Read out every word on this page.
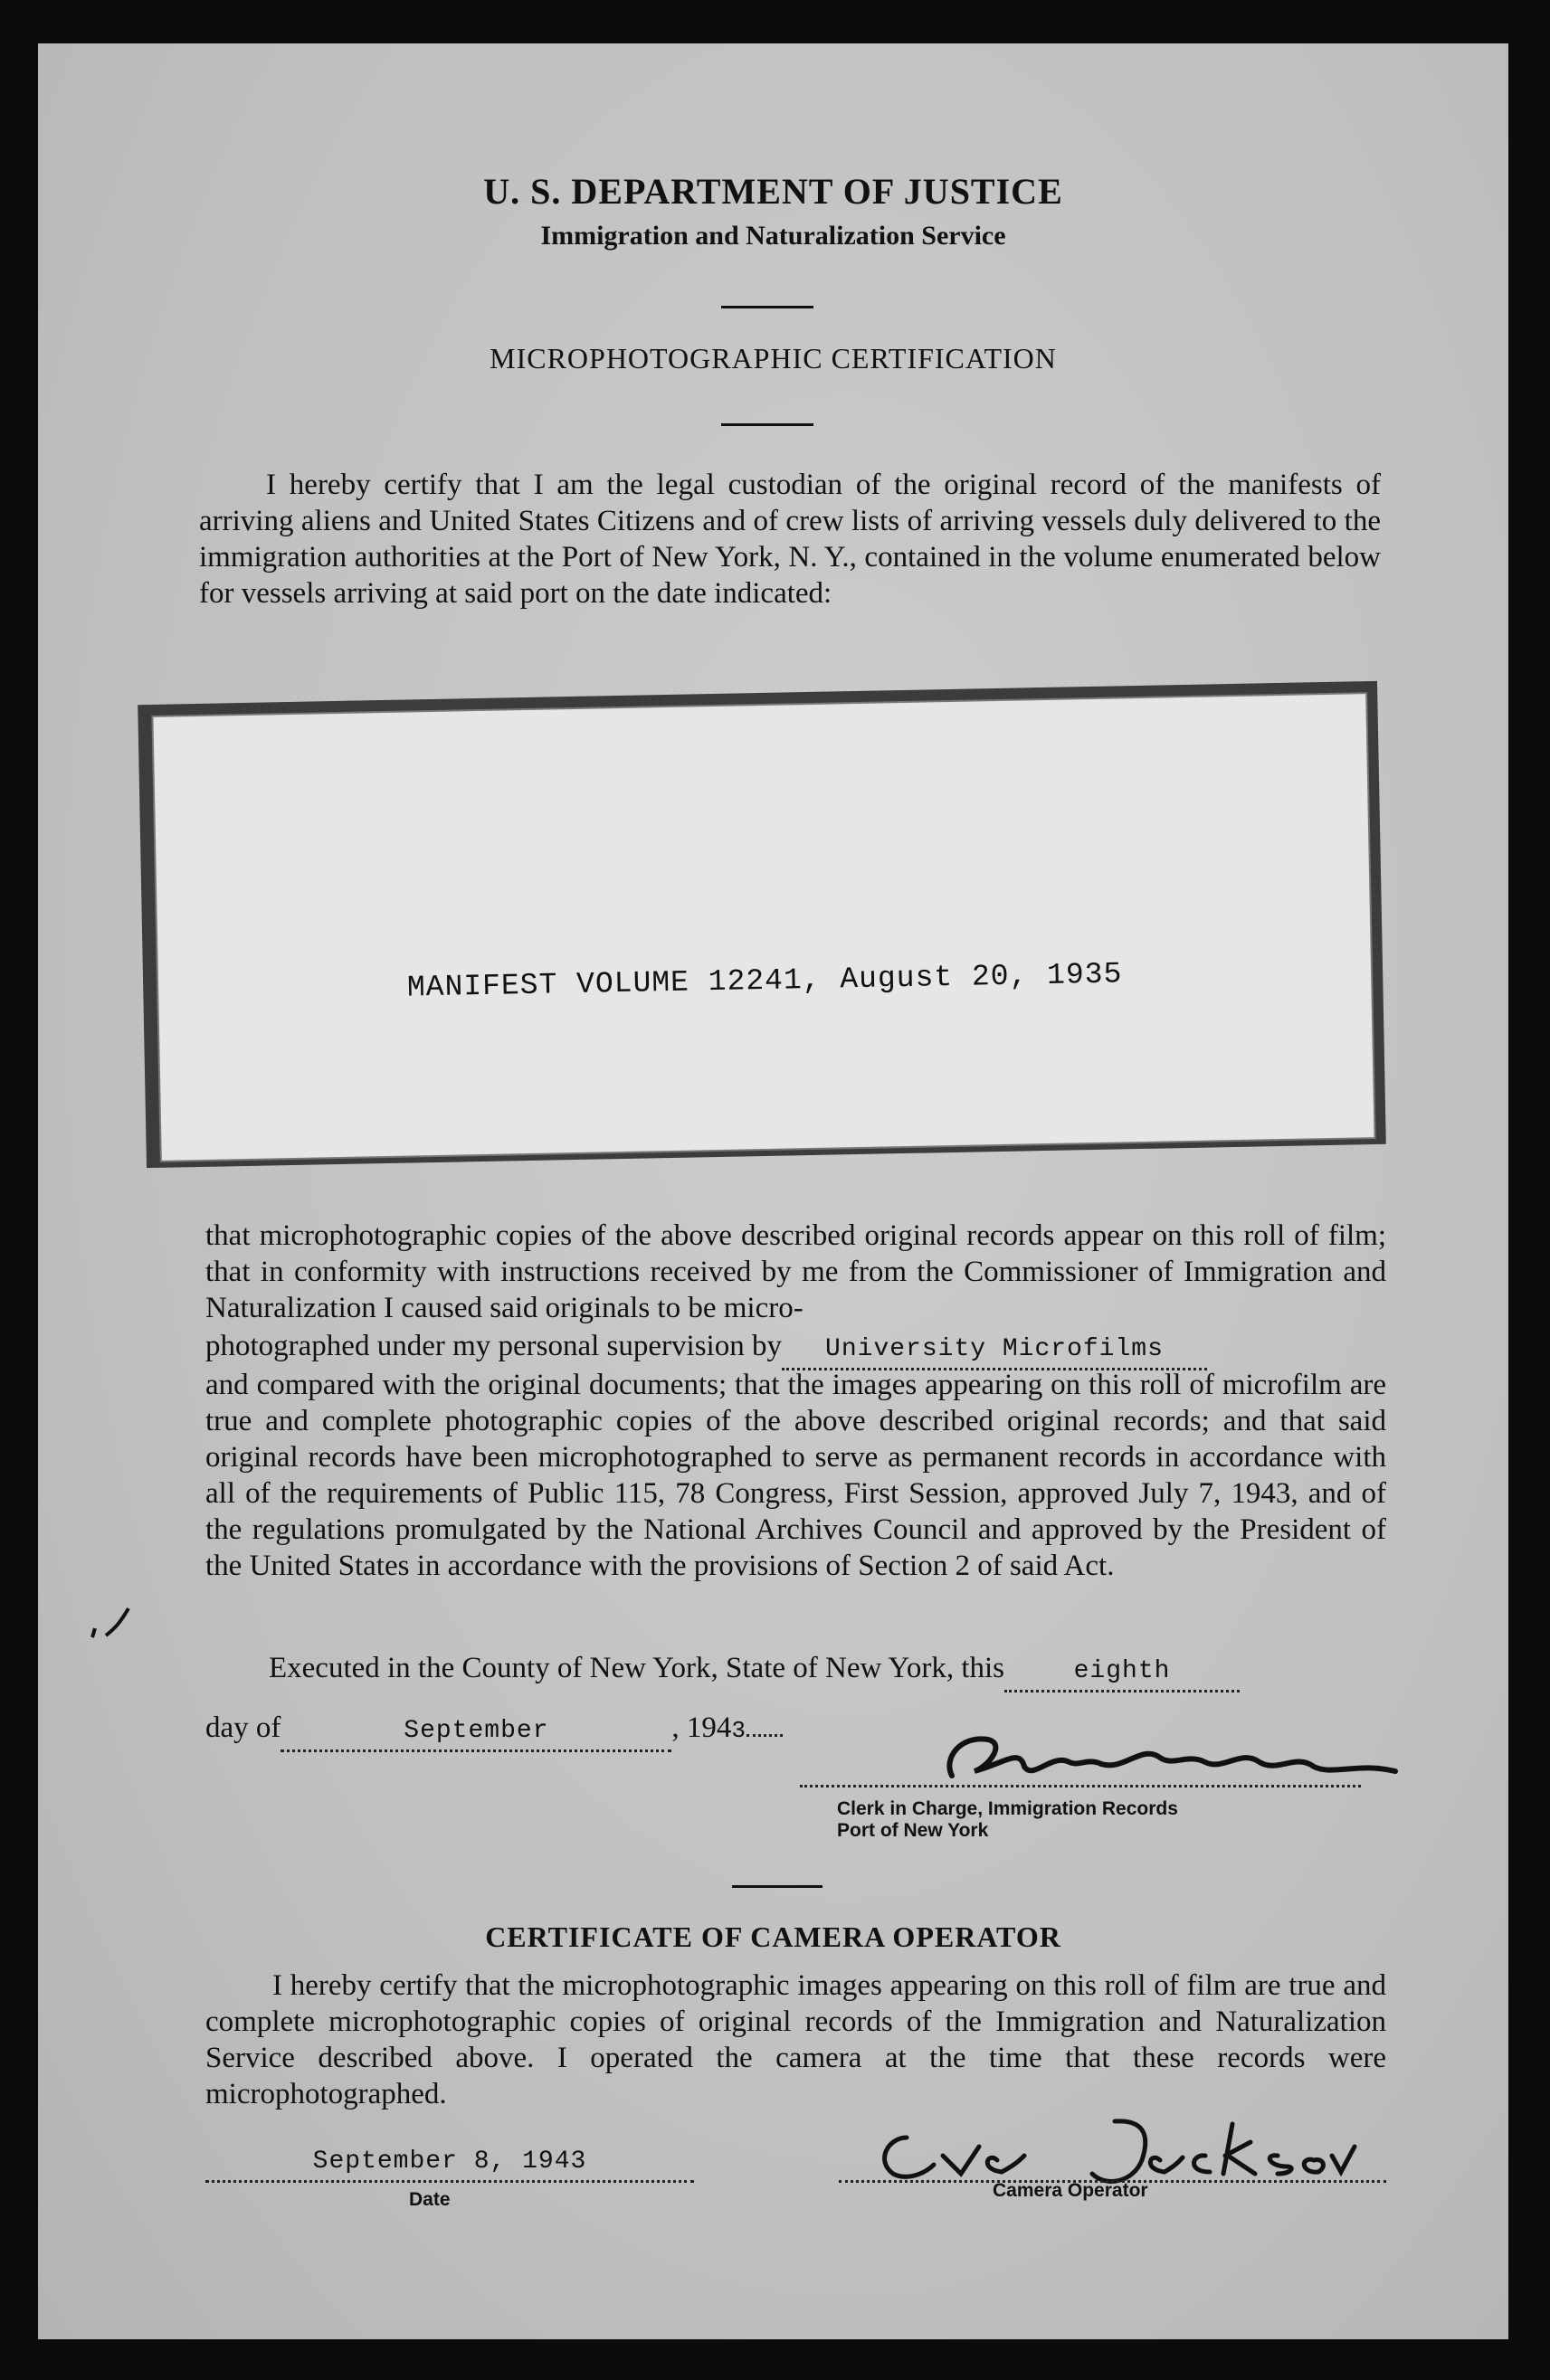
U. S. DEPARTMENT OF JUSTICE
Immigration and Naturalization Service
MICROPHOTOGRAPHIC CERTIFICATION
I hereby certify that I am the legal custodian of the original record of the manifests of arriving aliens and United States Citizens and of crew lists of arriving vessels duly delivered to the immigration authorities at the Port of New York, N. Y., contained in the volume enumerated below for vessels arriving at said port on the date indicated:
MANIFEST VOLUME 12241, August 20, 1935
that microphotographic copies of the above described original records appear on this roll of film; that in conformity with instructions received by me from the Commissioner of Immigration and Naturalization I caused said originals to be micro-
photographed under my personal supervision by University Microfilms
and compared with the original documents; that the images appearing on this roll of microfilm are true and complete photographic copies of the above described original records; and that said original records have been microphotographed to serve as permanent records in accordance with all of the requirements of Public 115, 78 Congress, First Session, approved July 7, 1943, and of the regulations promulgated by the National Archives Council and approved by the President of the United States in accordance with the provisions of Section 2 of said Act.
Executed in the County of New York, State of New York, this	eighth
day of	September	, 1943
Clerk in Charge, Immigration Records
Port of New York
CERTIFICATE OF CAMERA OPERATOR
I hereby certify that the microphotographic images appearing on this roll of film are true and complete microphotographic copies of original records of the Immigration and Naturalization Service described above. I operated the camera at the time that these records were microphotographed.
September 8, 1943
Date	Camera Operator
